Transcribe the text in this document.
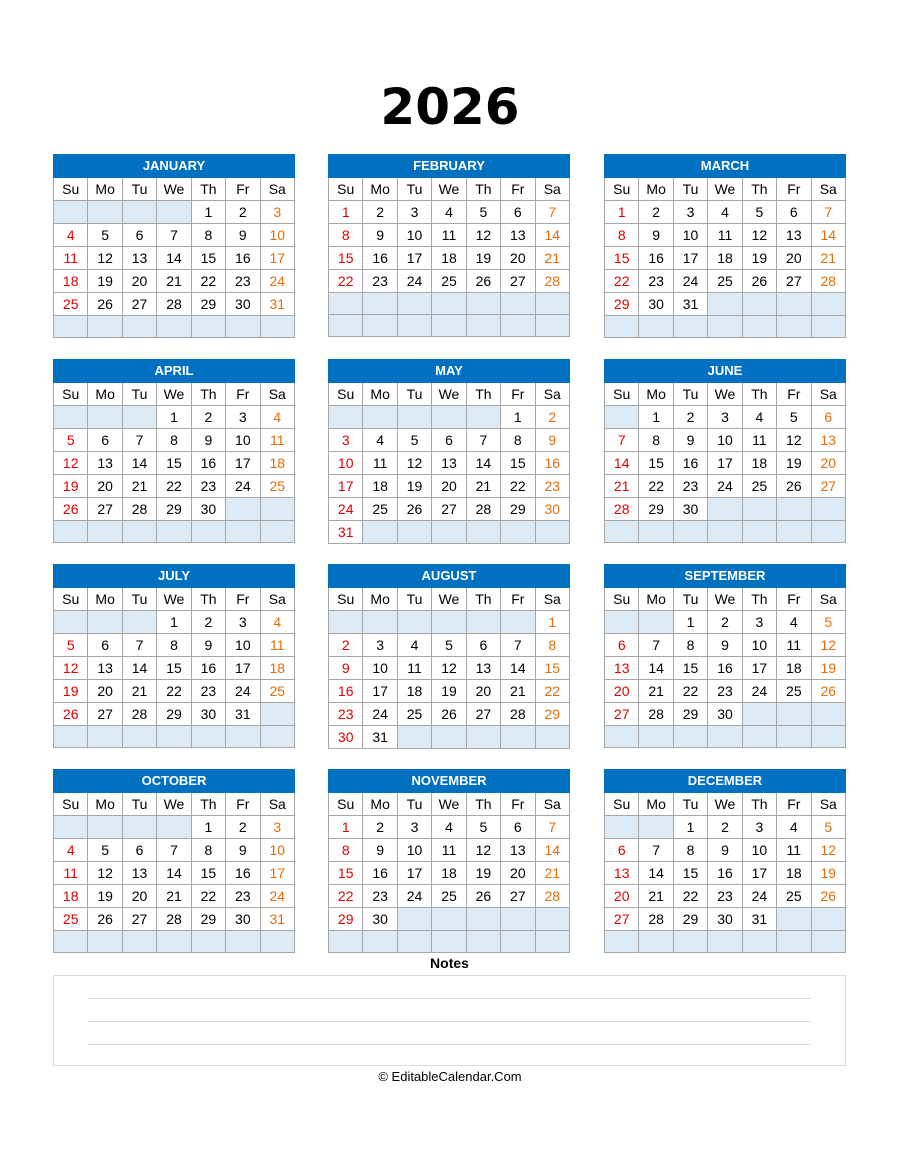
2026
JANUARY						
Su	Mo	Tu	We	Th	Fr	Sa
				1	2	3
4	5	6	7	8	9	10
11	12	13	14	15	16	17
18	19	20	21	22	23	24
25	26	27	28	29	30	31

FEBRUARY						
Su	Mo	Tu	We	Th	Fr	Sa
1	2	3	4	5	6	7
8	9	10	11	12	13	14
15	16	17	18	19	20	21
22	23	24	25	26	27	28

MARCH						
Su	Mo	Tu	We	Th	Fr	Sa
1	2	3	4	5	6	7
8	9	10	11	12	13	14
15	16	17	18	19	20	21
22	23	24	25	26	27	28
29	30	31				

APRIL						
Su	Mo	Tu	We	Th	Fr	Sa
			1	2	3	4
5	6	7	8	9	10	11
12	13	14	15	16	17	18
19	20	21	22	23	24	25
26	27	28	29	30		

MAY						
Su	Mo	Tu	We	Th	Fr	Sa
					1	2
3	4	5	6	7	8	9
10	11	12	13	14	15	16
17	18	19	20	21	22	23
24	25	26	27	28	29	30
31						
JUNE						
Su	Mo	Tu	We	Th	Fr	Sa
	1	2	3	4	5	6
7	8	9	10	11	12	13
14	15	16	17	18	19	20
21	22	23	24	25	26	27
28	29	30				

JULY						
Su	Mo	Tu	We	Th	Fr	Sa
			1	2	3	4
5	6	7	8	9	10	11
12	13	14	15	16	17	18
19	20	21	22	23	24	25
26	27	28	29	30	31	

AUGUST						
Su	Mo	Tu	We	Th	Fr	Sa
						1
2	3	4	5	6	7	8
9	10	11	12	13	14	15
16	17	18	19	20	21	22
23	24	25	26	27	28	29
30	31					
SEPTEMBER						
Su	Mo	Tu	We	Th	Fr	Sa
		1	2	3	4	5
6	7	8	9	10	11	12
13	14	15	16	17	18	19
20	21	22	23	24	25	26
27	28	29	30			

OCTOBER						
Su	Mo	Tu	We	Th	Fr	Sa
				1	2	3
4	5	6	7	8	9	10
11	12	13	14	15	16	17
18	19	20	21	22	23	24
25	26	27	28	29	30	31

NOVEMBER						
Su	Mo	Tu	We	Th	Fr	Sa
1	2	3	4	5	6	7
8	9	10	11	12	13	14
15	16	17	18	19	20	21
22	23	24	25	26	27	28
29	30					

DECEMBER						
Su	Mo	Tu	We	Th	Fr	Sa
		1	2	3	4	5
6	7	8	9	10	11	12
13	14	15	16	17	18	19
20	21	22	23	24	25	26
27	28	29	30	31		

Notes
© EditableCalendar.Com
